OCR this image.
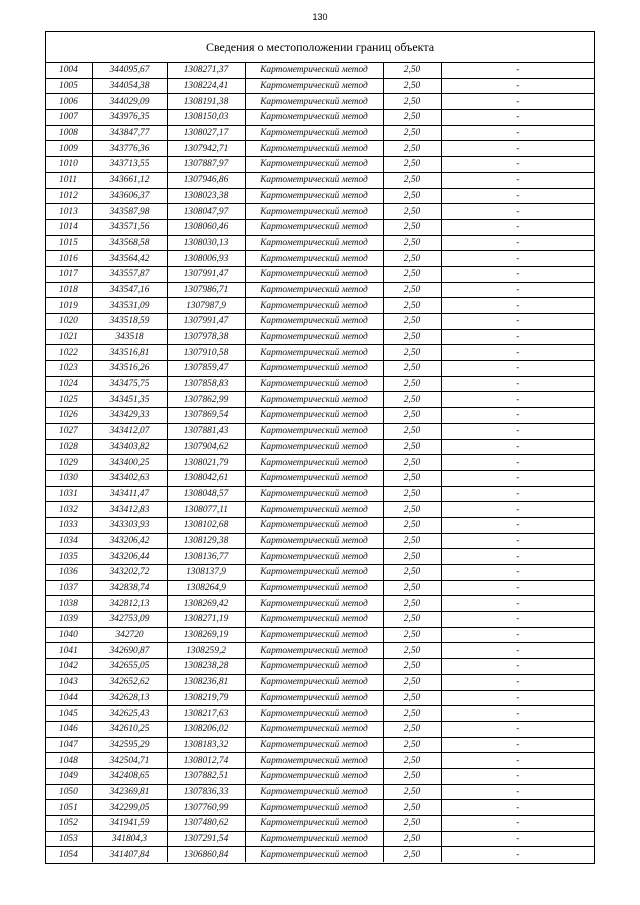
130
Сведения о местоположении границ объекта
1004	344095,67	1308271,37	Картометрический метод	2,50	-
1005	344054,38	1308224,41	Картометрический метод	2,50	-
1006	344029,09	1308191,38	Картометрический метод	2,50	-
1007	343976,35	1308150,03	Картометрический метод	2,50	-
1008	343847,77	1308027,17	Картометрический метод	2,50	-
1009	343776,36	1307942,71	Картометрический метод	2,50	-
1010	343713,55	1307887,97	Картометрический метод	2,50	-
1011	343661,12	1307946,86	Картометрический метод	2,50	-
1012	343606,37	1308023,38	Картометрический метод	2,50	-
1013	343587,98	1308047,97	Картометрический метод	2,50	-
1014	343571,56	1308060,46	Картометрический метод	2,50	-
1015	343568,58	1308030,13	Картометрический метод	2,50	-
1016	343564,42	1308006,93	Картометрический метод	2,50	-
1017	343557,87	1307991,47	Картометрический метод	2,50	-
1018	343547,16	1307986,71	Картометрический метод	2,50	-
1019	343531,09	1307987,9	Картометрический метод	2,50	-
1020	343518,59	1307991,47	Картометрический метод	2,50	-
1021	343518	1307978,38	Картометрический метод	2,50	-
1022	343516,81	1307910,58	Картометрический метод	2,50	-
1023	343516,26	1307859,47	Картометрический метод	2,50	-
1024	343475,75	1307858,83	Картометрический метод	2,50	-
1025	343451,35	1307862,99	Картометрический метод	2,50	-
1026	343429,33	1307869,54	Картометрический метод	2,50	-
1027	343412,07	1307881,43	Картометрический метод	2,50	-
1028	343403,82	1307904,62	Картометрический метод	2,50	-
1029	343400,25	1308021,79	Картометрический метод	2,50	-
1030	343402,63	1308042,61	Картометрический метод	2,50	-
1031	343411,47	1308048,57	Картометрический метод	2,50	-
1032	343412,83	1308077,11	Картометрический метод	2,50	-
1033	343303,93	1308102,68	Картометрический метод	2,50	-
1034	343206,42	1308129,38	Картометрический метод	2,50	-
1035	343206,44	1308136,77	Картометрический метод	2,50	-
1036	343202,72	1308137,9	Картометрический метод	2,50	-
1037	342838,74	1308264,9	Картометрический метод	2,50	-
1038	342812,13	1308269,42	Картометрический метод	2,50	-
1039	342753,09	1308271,19	Картометрический метод	2,50	-
1040	342720	1308269,19	Картометрический метод	2,50	-
1041	342690,87	1308259,2	Картометрический метод	2,50	-
1042	342655,05	1308238,28	Картометрический метод	2,50	-
1043	342652,62	1308236,81	Картометрический метод	2,50	-
1044	342628,13	1308219,79	Картометрический метод	2,50	-
1045	342625,43	1308217,63	Картометрический метод	2,50	-
1046	342610,25	1308206,02	Картометрический метод	2,50	-
1047	342595,29	1308183,32	Картометрический метод	2,50	-
1048	342504,71	1308012,74	Картометрический метод	2,50	-
1049	342408,65	1307882,51	Картометрический метод	2,50	-
1050	342369,81	1307836,33	Картометрический метод	2,50	-
1051	342299,05	1307760,99	Картометрический метод	2,50	-
1052	341941,59	1307480,62	Картометрический метод	2,50	-
1053	341804,3	1307291,54	Картометрический метод	2,50	-
1054	341407,84	1306860,84	Картометрический метод	2,50	-
